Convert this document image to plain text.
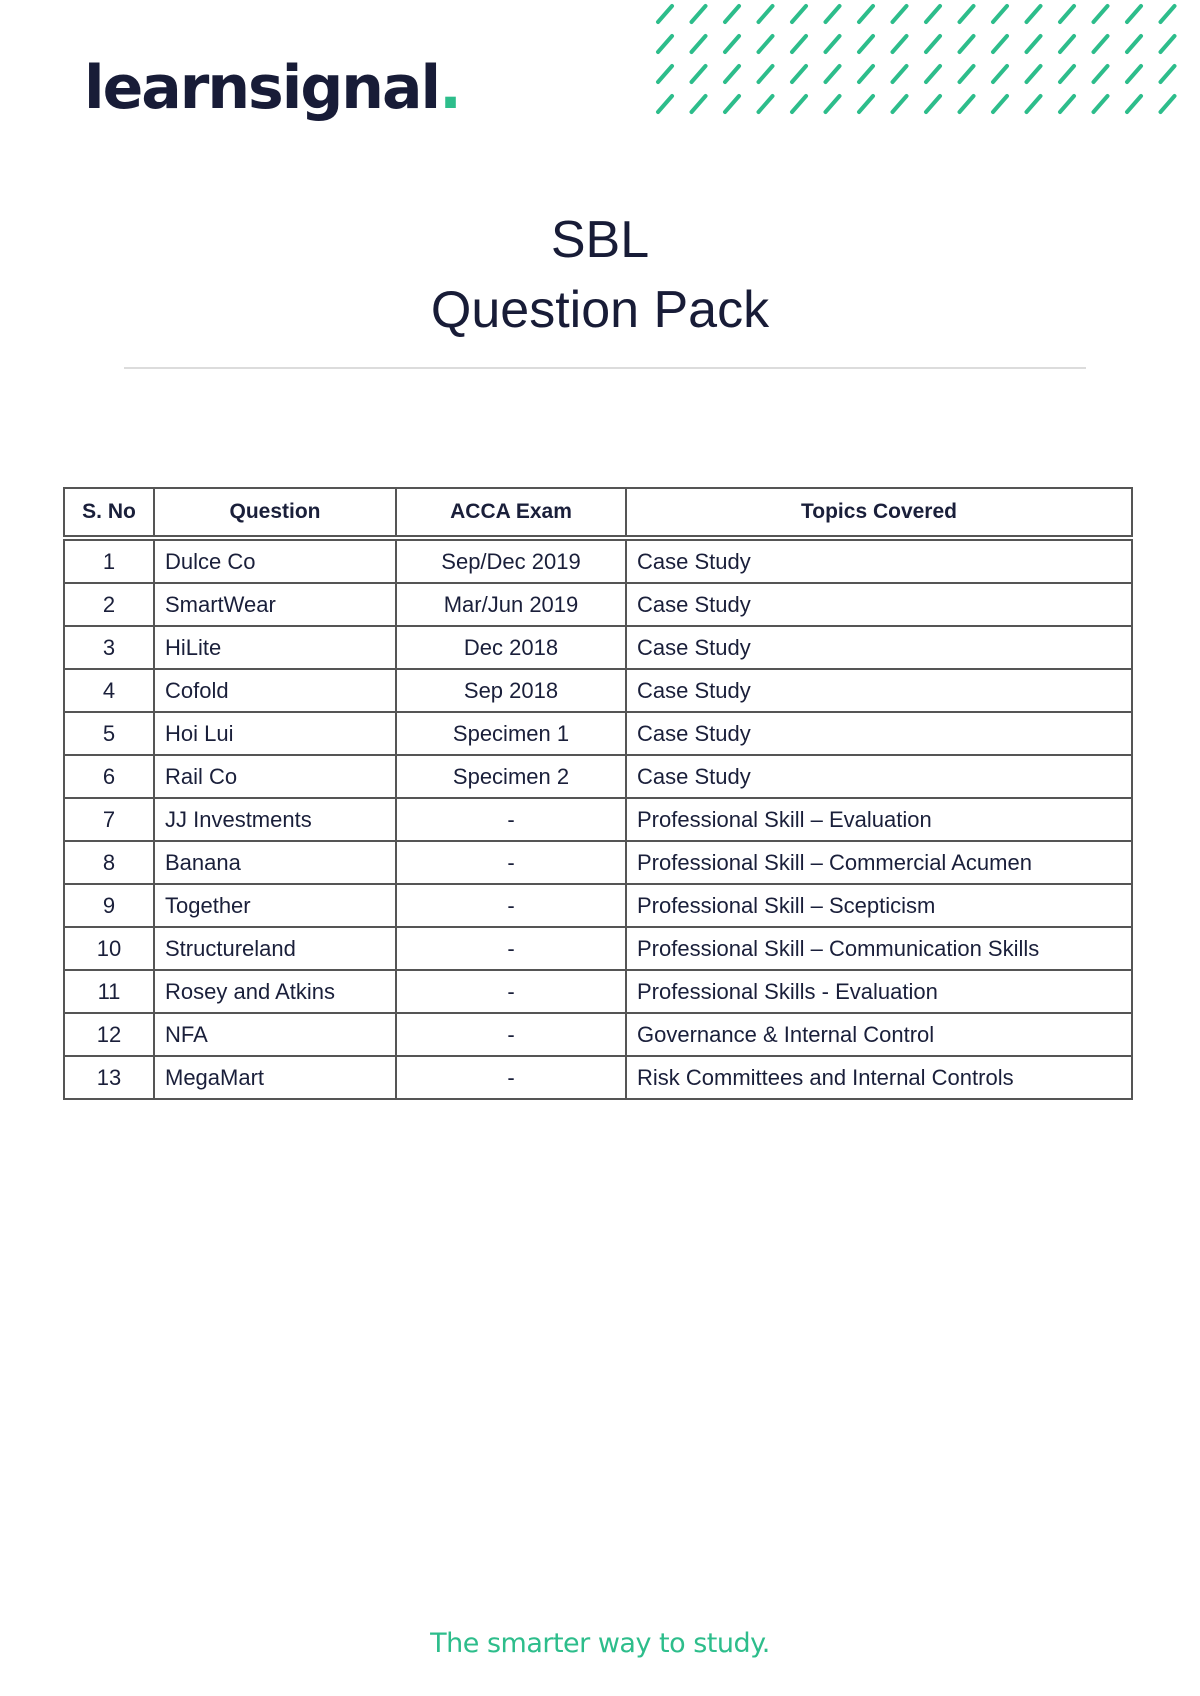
learnsignal.
SBL
Question Pack
S. No	Question	ACCA Exam	Topics Covered
1	Dulce Co	Sep/Dec 2019	Case Study
2	SmartWear	Mar/Jun 2019	Case Study
3	HiLite	Dec 2018	Case Study
4	Cofold	Sep 2018	Case Study
5	Hoi Lui	Specimen 1	Case Study
6	Rail Co	Specimen 2	Case Study
7	JJ Investments	-	Professional Skill – Evaluation
8	Banana	-	Professional Skill – Commercial Acumen
9	Together	-	Professional Skill – Scepticism
10	Structureland	-	Professional Skill – Communication Skills
11	Rosey and Atkins	-	Professional Skills - Evaluation
12	NFA	-	Governance & Internal Control
13	MegaMart	-	Risk Committees and Internal Controls
The smarter way to study.
